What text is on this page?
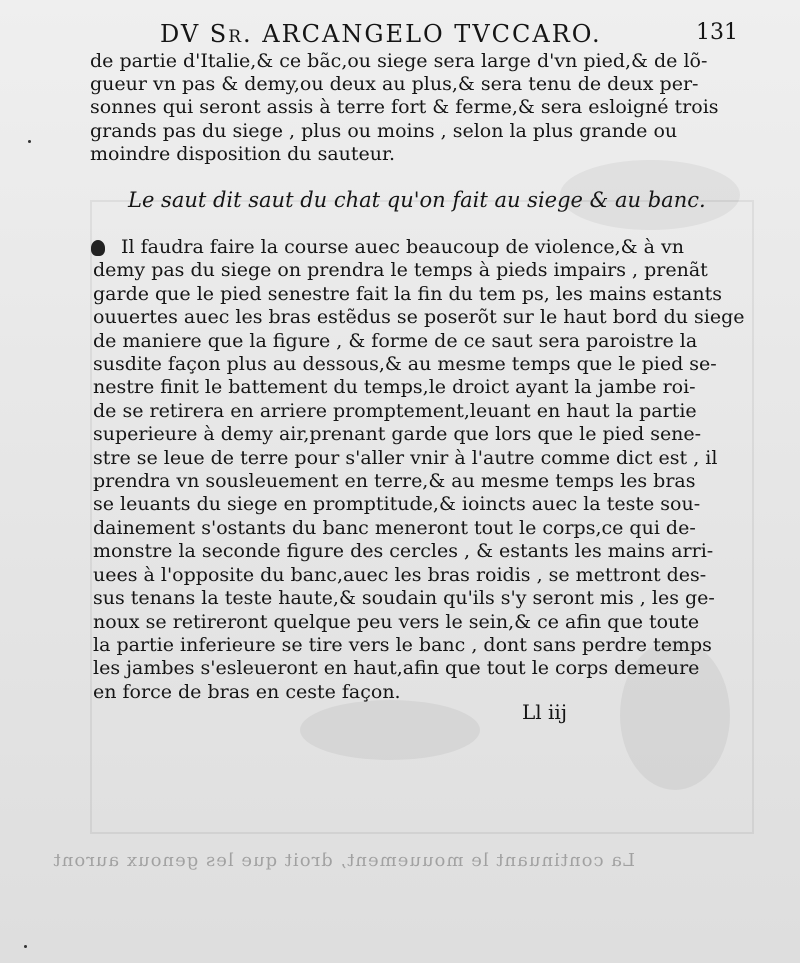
DV Sr. ARCANGELO TVCCARO.	131
de partie d'Italie,& ce bãc,ou siege sera large d'vn pied,& de lõ-
gueur vn pas & demy,ou deux au plus,& sera tenu de deux per-
sonnes qui seront assis à terre fort & ferme,& sera esloigné trois
grands pas du siege , plus ou moins , selon la plus grande ou
moindre disposition du sauteur.
Le saut dit saut du chat qu'on fait au siege & au banc.
Il faudra faire la course auec beaucoup de violence,& à vn
demy pas du siege on prendra le temps à pieds impairs , prenãt
garde que le pied senestre fait la fin du tem ps, les mains estants
ouuertes auec les bras estẽdus se poserõt sur le haut bord du siege
de maniere que la figure , & forme de ce saut sera paroistre la
susdite façon plus au dessous,& au mesme temps que le pied se-
nestre finit le battement du temps,le droict ayant la jambe roi-
de se retirera en arriere promptement,leuant en haut la partie
superieure à demy air,prenant garde que lors que le pied sene-
stre se leue de terre pour s'aller vnir à l'autre comme dict est , il
prendra vn sousleuement en terre,& au mesme temps les bras
se leuants du siege en promptitude,& ioincts auec la teste sou-
dainement s'ostants du banc meneront tout le corps,ce qui de-
monstre la seconde figure des cercles , & estants les mains arri-
uees à l'opposite du banc,auec les bras roidis , se mettront des-
sus tenans la teste haute,& soudain qu'ils s'y seront mis , les ge-
noux se retireront quelque peu vers le sein,& ce afin que toute
la partie inferieure se tire vers le banc , dont sans perdre temps
les jambes s'esleueront en haut,afin que tout le corps demeure
en force de bras en ceste façon.
Ll iij
La continuant le mouuement, droit que les genoux auront
